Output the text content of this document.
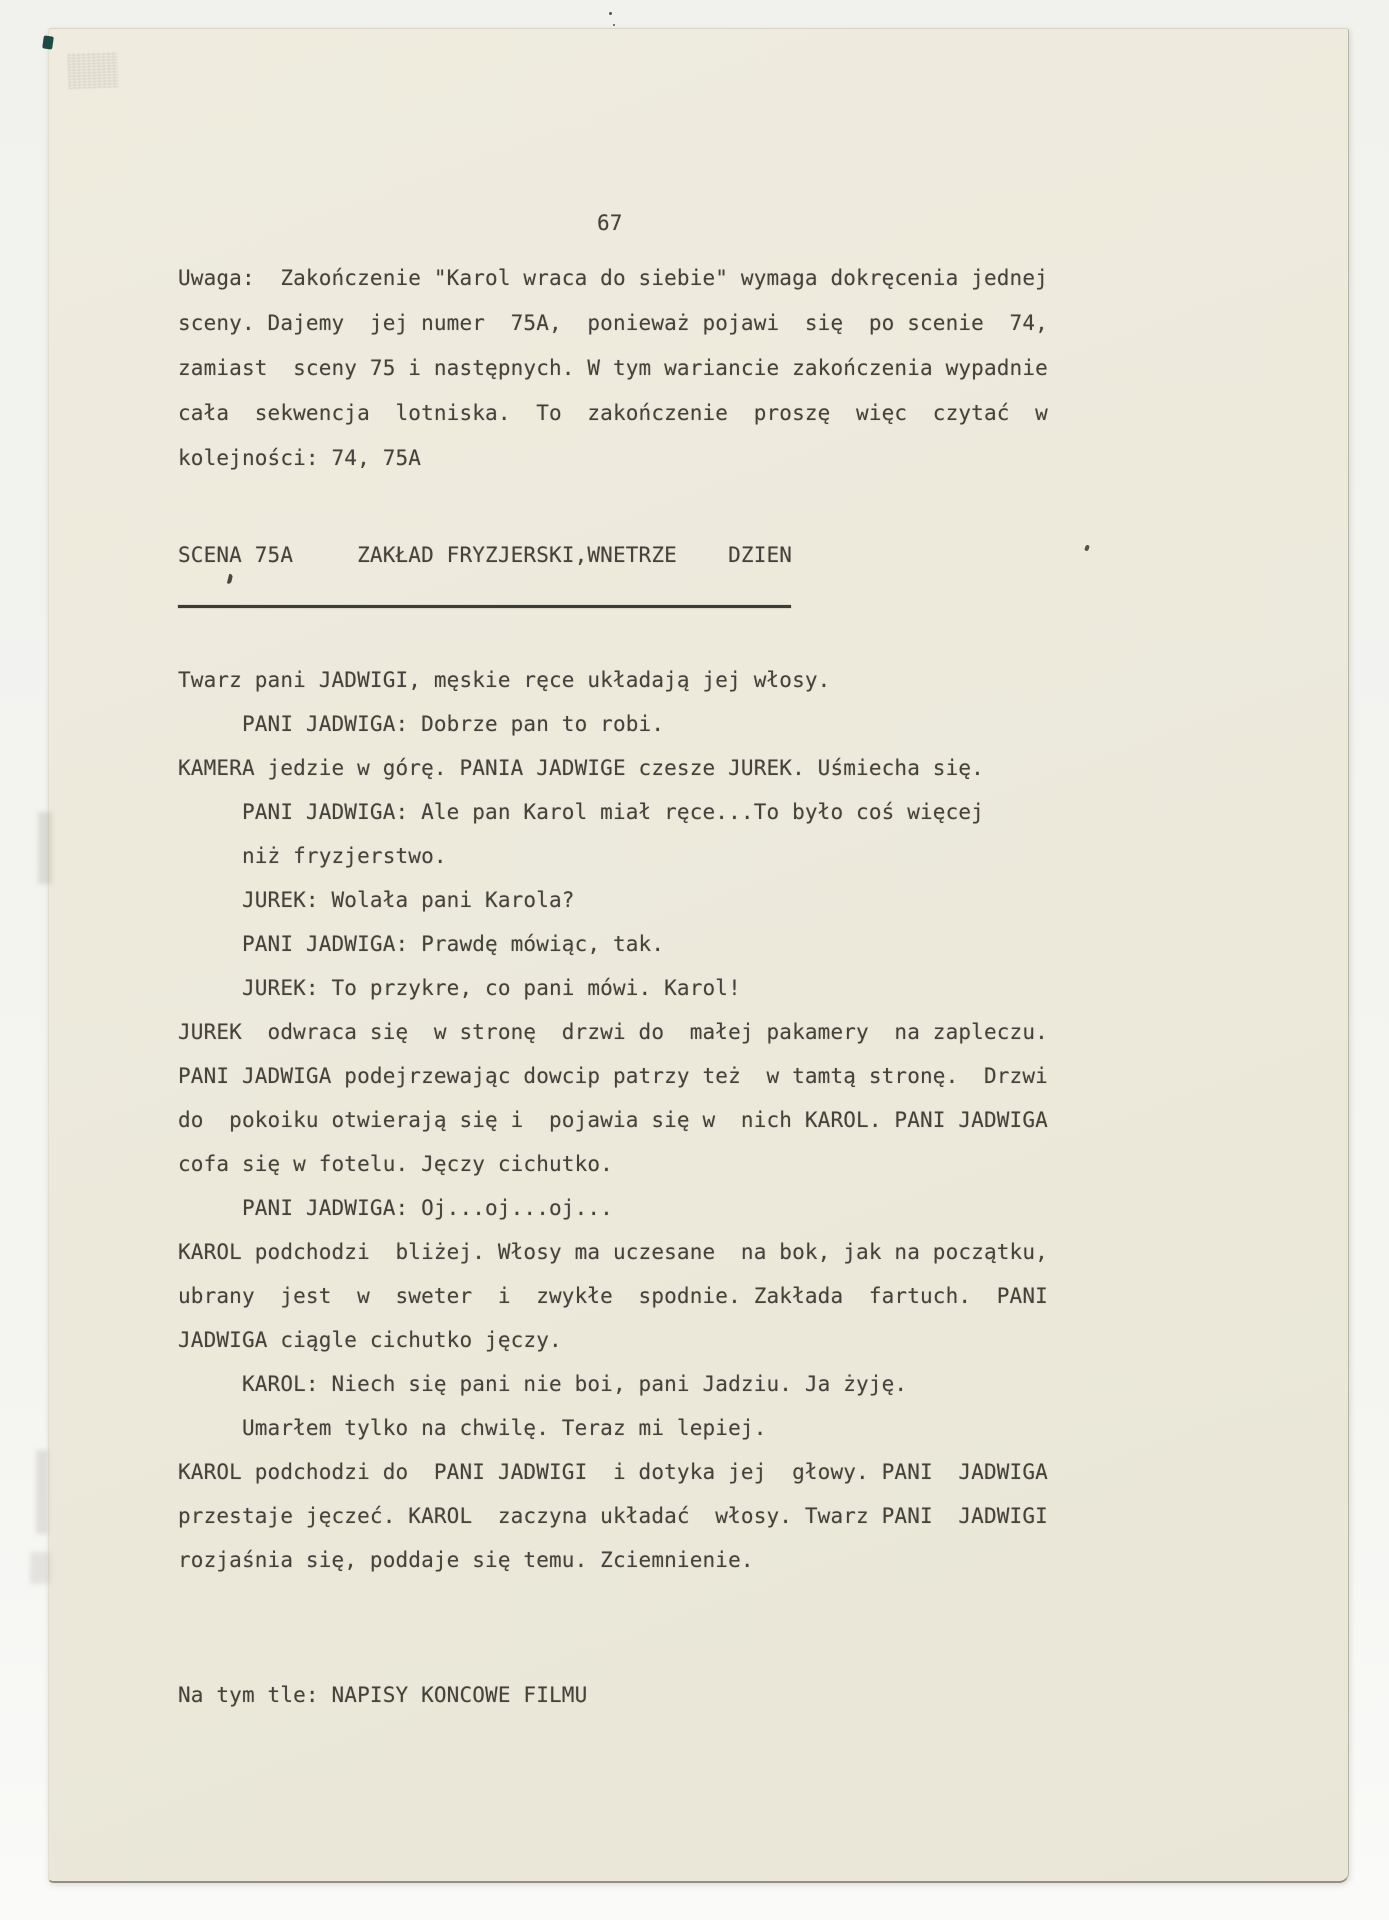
67
Uwaga:  Zakończenie "Karol wraca do siebie" wymaga dokręcenia jednej
sceny. Dajemy  jej numer  75A,  ponieważ pojawi  się  po scenie  74,
zamiast  sceny 75 i następnych. W tym wariancie zakończenia wypadnie
cała  sekwencja  lotniska.  To  zakończenie  proszę  więc  czytać  w
kolejności: 74, 75A
SCENA 75A     ZAKŁAD FRYZJERSKI,WNETRZE    DZIEN
Twarz pani JADWIGI, męskie ręce układają jej włosy.
PANI JADWIGA: Dobrze pan to robi.
KAMERA jedzie w górę. PANIA JADWIGE czesze JUREK. Uśmiecha się.
PANI JADWIGA: Ale pan Karol miał ręce...To było coś więcej
niż fryzjerstwo.
JUREK: Wolała pani Karola?
PANI JADWIGA: Prawdę mówiąc, tak.
JUREK: To przykre, co pani mówi. Karol!
JUREK  odwraca się  w stronę  drzwi do  małej pakamery  na zapleczu.
PANI JADWIGA podejrzewając dowcip patrzy też  w tamtą stronę.  Drzwi
do  pokoiku otwierają się i  pojawia się w  nich KAROL. PANI JADWIGA
cofa się w fotelu. Jęczy cichutko.
PANI JADWIGA: Oj...oj...oj...
KAROL podchodzi  bliżej. Włosy ma uczesane  na bok, jak na początku,
ubrany  jest  w  sweter  i  zwykłe  spodnie. Zakłada  fartuch.  PANI
JADWIGA ciągle cichutko jęczy.
KAROL: Niech się pani nie boi, pani Jadziu. Ja żyję.
Umarłem tylko na chwilę. Teraz mi lepiej.
KAROL podchodzi do  PANI JADWIGI  i dotyka jej  głowy. PANI  JADWIGA
przestaje jęczeć. KAROL  zaczyna układać  włosy. Twarz PANI  JADWIGI
rozjaśnia się, poddaje się temu. Zciemnienie.
Na tym tle: NAPISY KONCOWE FILMU
